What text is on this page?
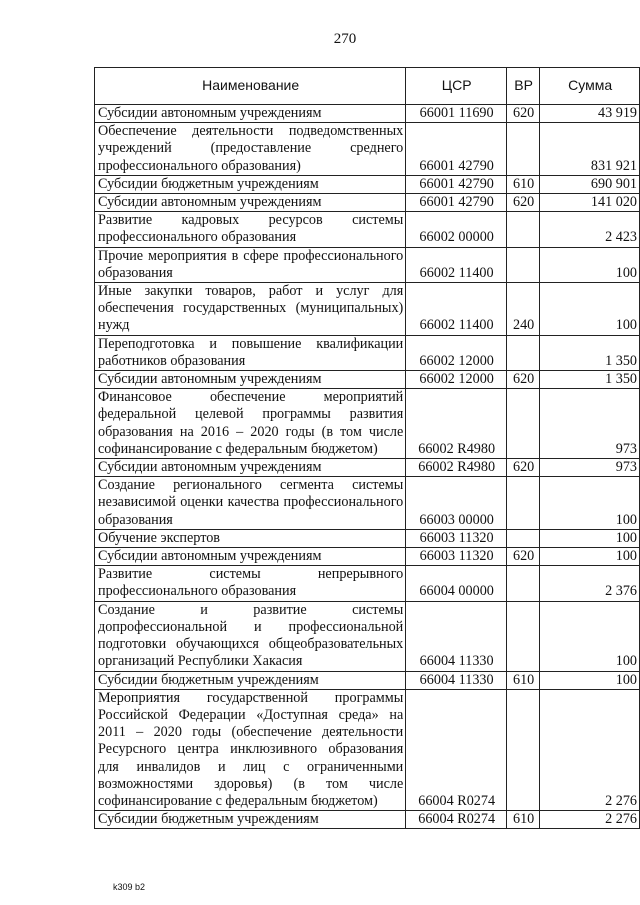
270
Наименование	ЦСР	ВР	Сумма
Субсидии автономным учреждениям	66001 11690	620	43 919
Обеспечение деятельности подведомственных учреждений (предоставление среднего профессионального образования)	66001 42790		831 921
Субсидии бюджетным учреждениям	66001 42790	610	690 901
Субсидии автономным учреждениям	66001 42790	620	141 020
Развитие кадровых ресурсов системы профессионального образования	66002 00000		2 423
Прочие мероприятия в сфере профессионального образования	66002 11400		100
Иные закупки товаров, работ и услуг для обеспечения государственных (муниципальных) нужд	66002 11400	240	100
Переподготовка и повышение квалификации работников образования	66002 12000		1 350
Субсидии автономным учреждениям	66002 12000	620	1 350
Финансовое обеспечение мероприятий федеральной целевой программы развития образования на 2016 – 2020 годы (в том числе софинансирование с федеральным бюджетом)	66002 R4980		973
Субсидии автономным учреждениям	66002 R4980	620	973
Создание регионального сегмента системы независимой оценки качества профессионального образования	66003 00000		100
Обучение экспертов	66003 11320		100
Субсидии автономным учреждениям	66003 11320	620	100
Развитие системы непрерывного профессионального образования	66004 00000		2 376
Создание и развитие системы допрофессиональной и профессиональной подготовки обучающихся общеобразовательных организаций Республики Хакасия	66004 11330		100
Субсидии бюджетным учреждениям	66004 11330	610	100
Мероприятия государственной программы Российской Федерации «Доступная среда» на 2011 – 2020 годы (обеспечение деятельности Ресурсного центра инклюзивного образования для инвалидов и лиц с ограниченными возможностями здоровья) (в том числе софинансирование с федеральным бюджетом)	66004 R0274		2 276
Субсидии бюджетным учреждениям	66004 R0274	610	2 276
k309 b2
